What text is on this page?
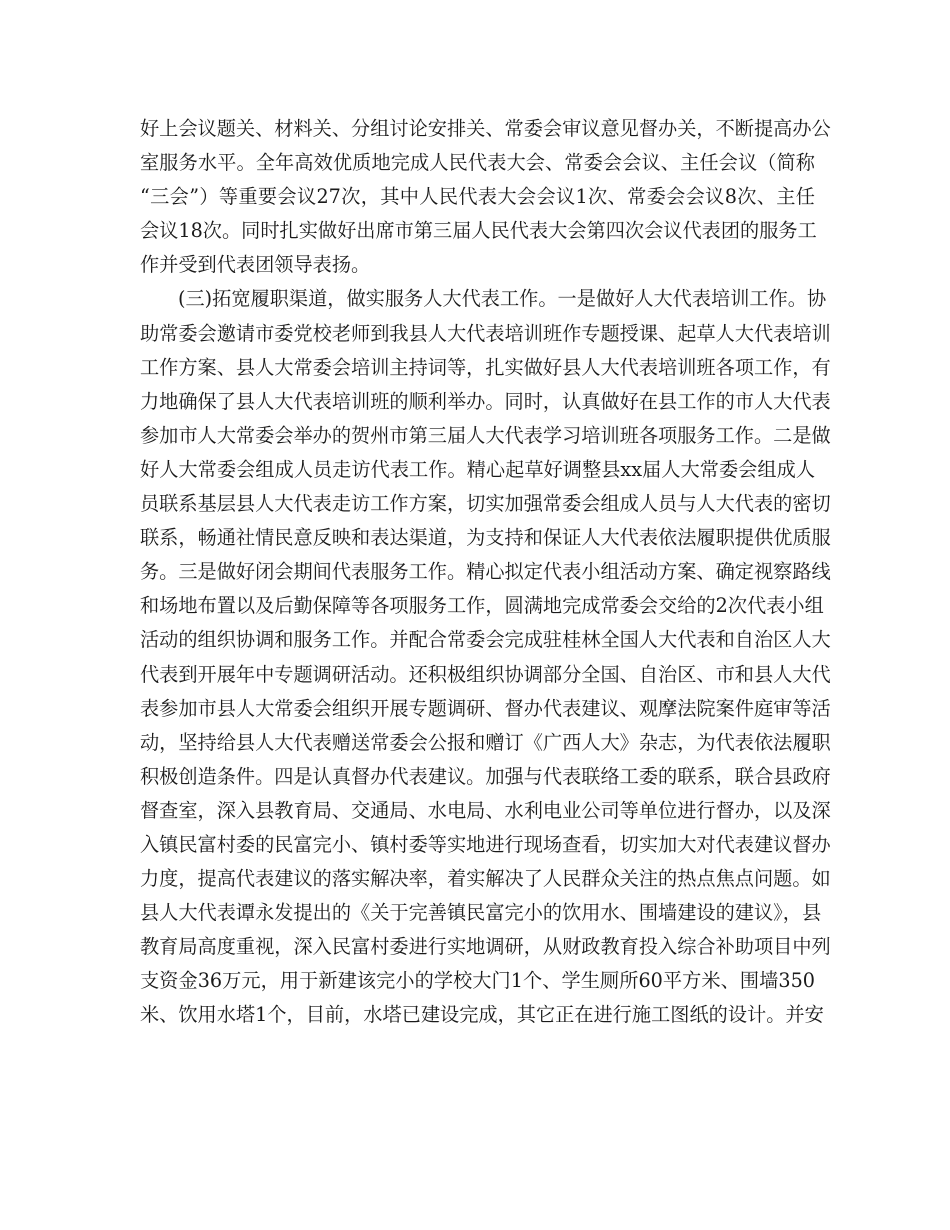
好上会议题关、材料关、分组讨论安排关、常委会审议意见督办关，不断提高办公
室服务水平。全年高效优质地完成人民代表大会、常委会会议、主任会议（简称
“三会”）等重要会议27次，其中人民代表大会会议1次、常委会会议8次、主任
会议18次。同时扎实做好出席市第三届人民代表大会第四次会议代表团的服务工
作并受到代表团领导表扬。
(三)拓宽履职渠道，做实服务人大代表工作。一是做好人大代表培训工作。协
助常委会邀请市委党校老师到我县人大代表培训班作专题授课、起草人大代表培训
工作方案、县人大常委会培训主持词等，扎实做好县人大代表培训班各项工作，有
力地确保了县人大代表培训班的顺利举办。同时，认真做好在县工作的市人大代表
参加市人大常委会举办的贺州市第三届人大代表学习培训班各项服务工作。二是做
好人大常委会组成人员走访代表工作。精心起草好调整县xx届人大常委会组成人
员联系基层县人大代表走访工作方案，切实加强常委会组成人员与人大代表的密切
联系，畅通社情民意反映和表达渠道，为支持和保证人大代表依法履职提供优质服
务。三是做好闭会期间代表服务工作。精心拟定代表小组活动方案、确定视察路线
和场地布置以及后勤保障等各项服务工作，圆满地完成常委会交给的2次代表小组
活动的组织协调和服务工作。并配合常委会完成驻桂林全国人大代表和自治区人大
代表到开展年中专题调研活动。还积极组织协调部分全国、自治区、市和县人大代
表参加市县人大常委会组织开展专题调研、督办代表建议、观摩法院案件庭审等活
动，坚持给县人大代表赠送常委会公报和赠订《广西人大》杂志，为代表依法履职
积极创造条件。四是认真督办代表建议。加强与代表联络工委的联系，联合县政府
督查室，深入县教育局、交通局、水电局、水利电业公司等单位进行督办，以及深
入镇民富村委的民富完小、镇村委等实地进行现场查看，切实加大对代表建议督办
力度，提高代表建议的落实解决率，着实解决了人民群众关注的热点焦点问题。如
县人大代表谭永发提出的《关于完善镇民富完小的饮用水、围墙建设的建议》，县
教育局高度重视，深入民富村委进行实地调研，从财政教育投入综合补助项目中列
支资金36万元，用于新建该完小的学校大门1个、学生厕所60平方米、围墙350
米、饮用水塔1个，目前，水塔已建设完成，其它正在进行施工图纸的设计。并安
